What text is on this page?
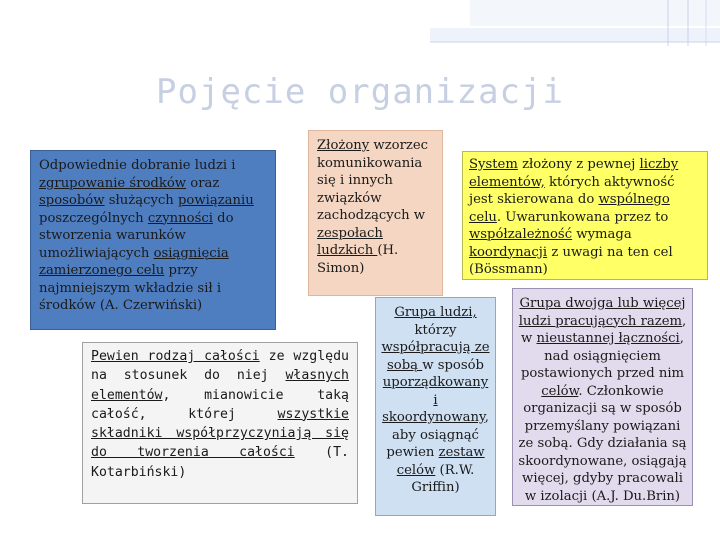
Pojęcie organizacji
Odpowiednie dobranie ludzi i zgrupowanie środków oraz sposobów służących powiązaniu poszczególnych czynności do stworzenia warunków umożliwiających osiągnięcia zamierzonego celu przy najmniejszym wkładzie sił i środków (A. Czerwiński)
Złożony wzorzec komunikowania się i innych związków zachodzących w zespołach ludzkich (H. Simon)
System złożony z pewnej liczby elementów, których aktywność jest skierowana do wspólnego celu. Uwarunkowana przez to współzależność wymaga koordynacji z uwagi na ten cel (Bössmann)
Pewien rodzaj całości ze względu na stosunek do niej własnych elementów, mianowicie taką całość, której wszystkie składniki współprzyczyniają się do tworzenia całości (T. Kotarbiński)
Grupa ludzi, którzy współpracują ze sobą w sposób uporządkowany i skoordynowany, aby osiągnąć pewien zestaw celów (R.W. Griffin)
Grupa dwojga lub więcej ludzi pracujących razem, w nieustannej łączności, nad osiągnięciem postawionych przed nim celów. Członkowie organizacji są w sposób przemyślany powiązani ze sobą. Gdy działania są skoordynowane, osiągają więcej, gdyby pracowali w izolacji (A.J. Du.Brin)
